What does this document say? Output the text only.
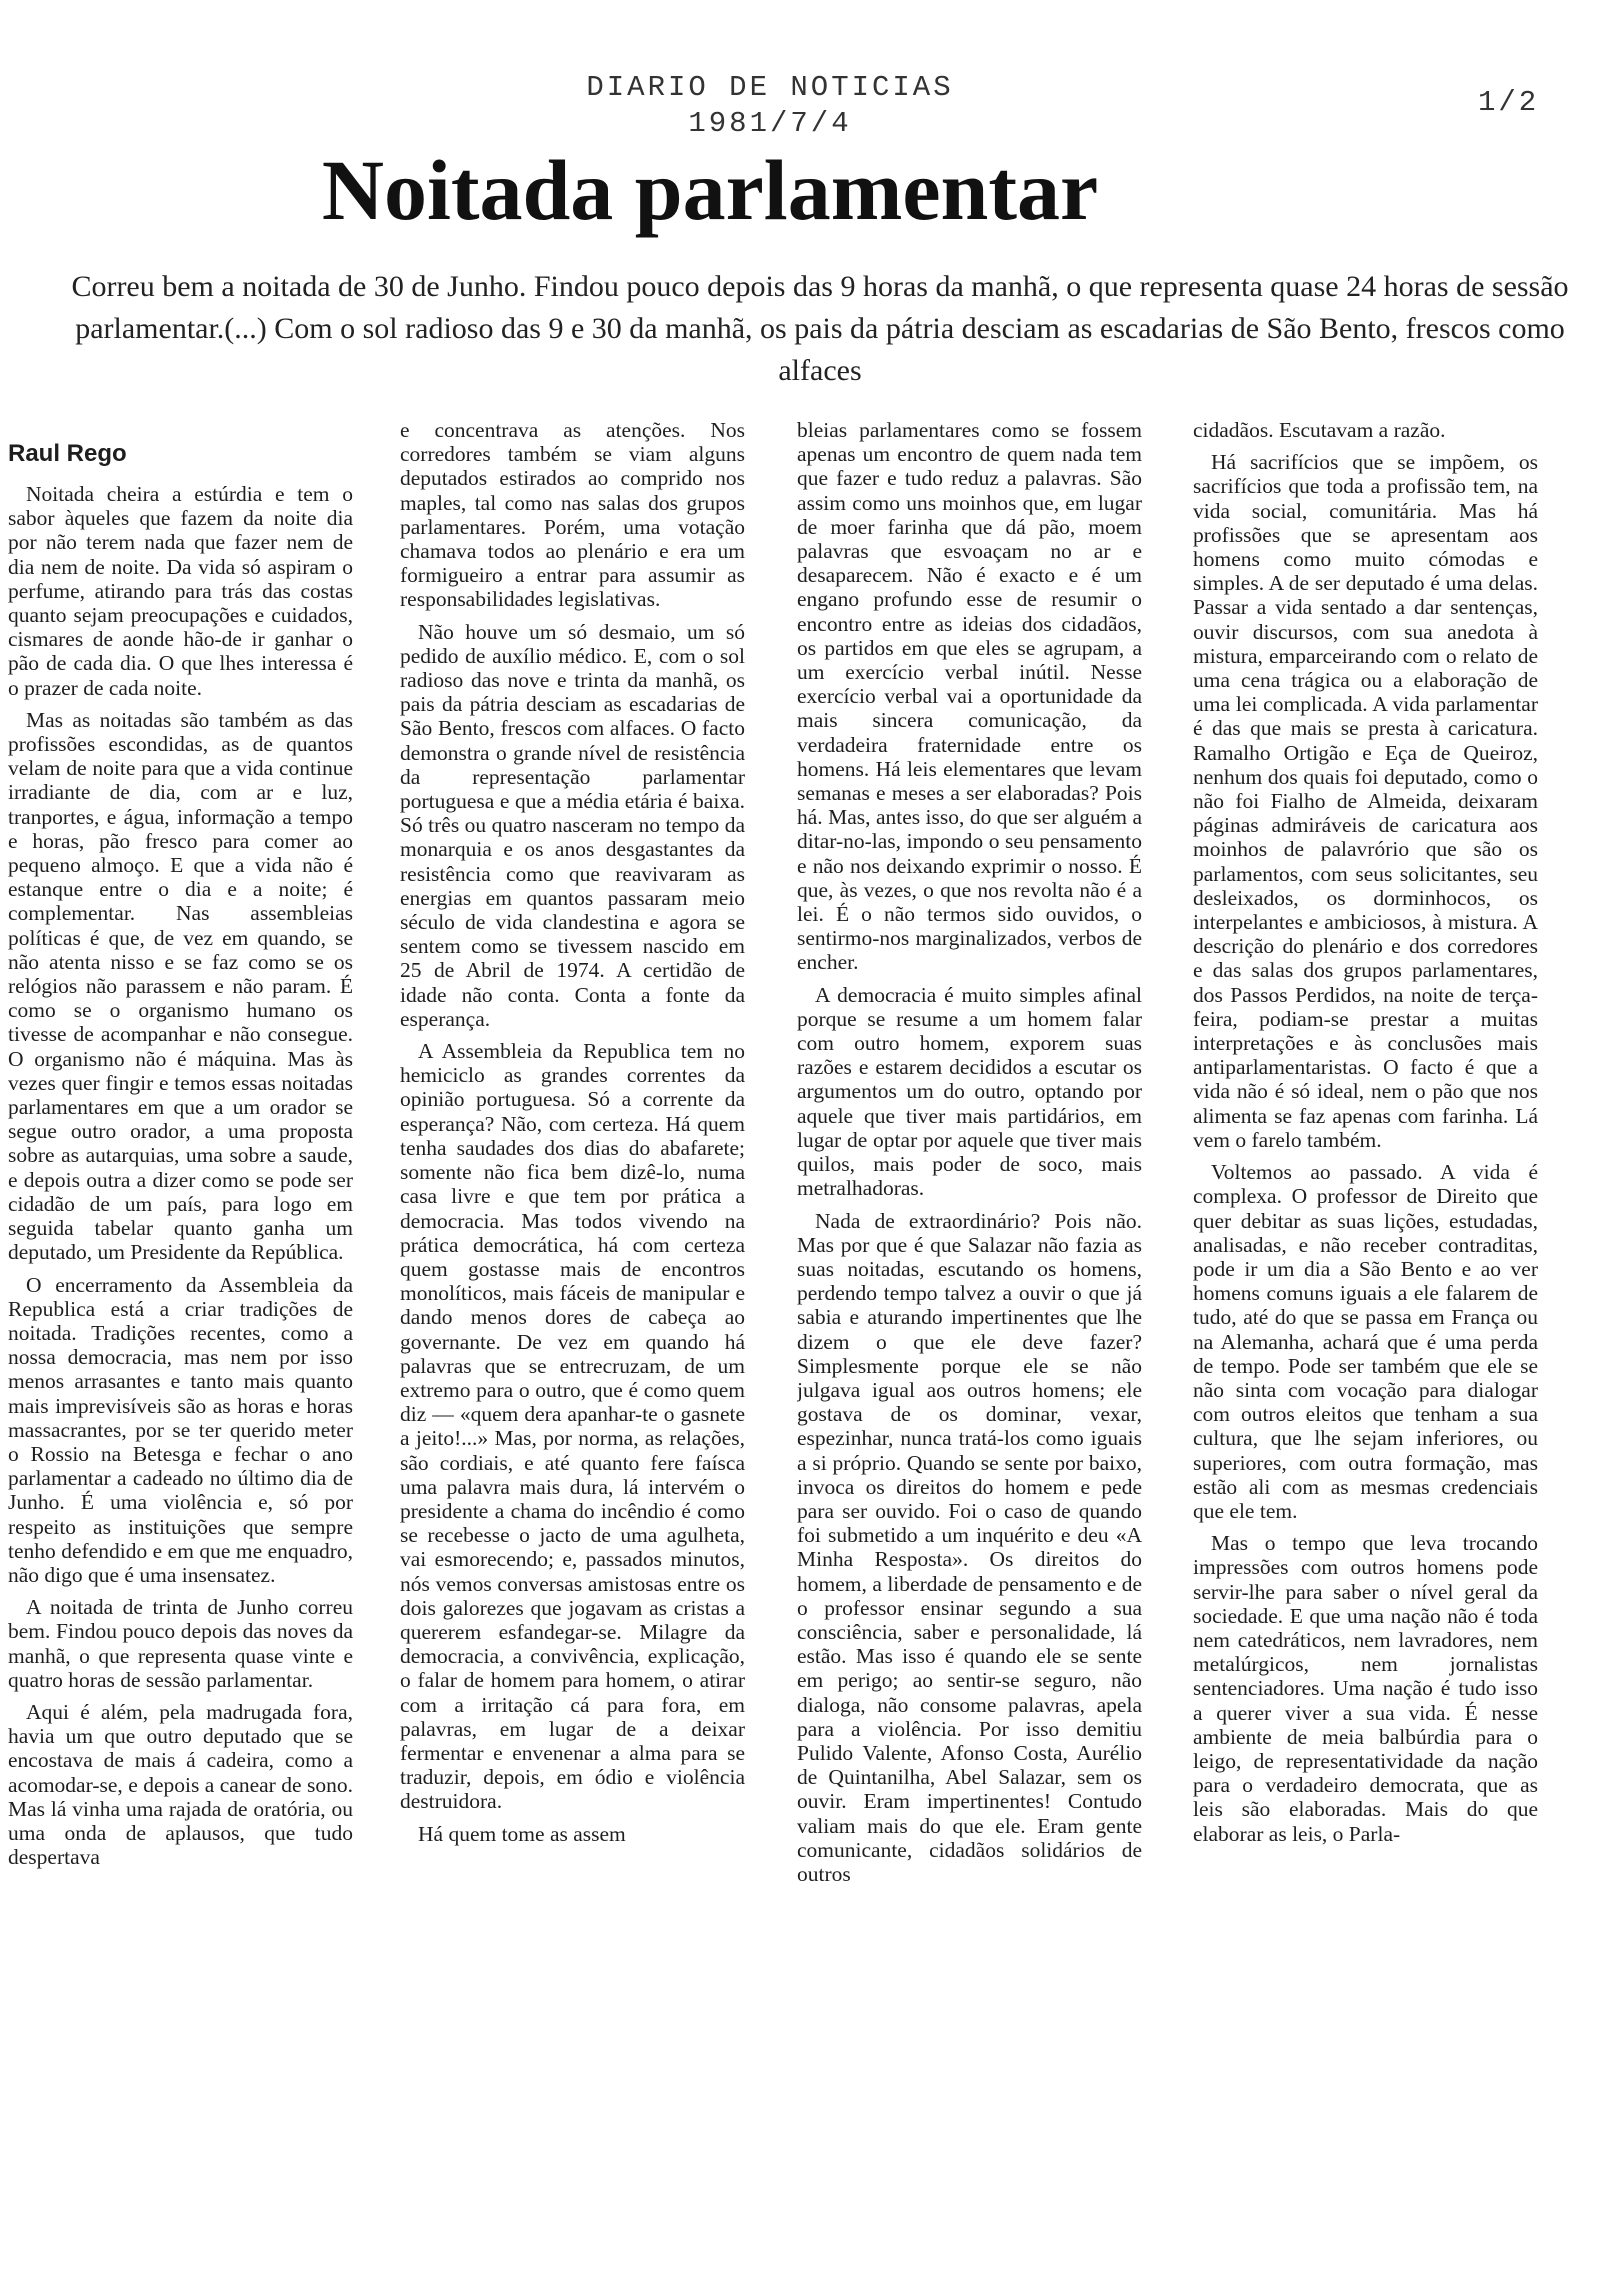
DIARIO DE NOTICIAS
1981/7/4
1/2
Noitada parlamentar
Correu bem a noitada de 30 de Junho. Findou pouco depois das 9 horas da manhã, o que representa quase 24 horas de sessão parlamentar.(...) Com o sol radioso das 9 e 30 da manhã, os pais da pátria desciam as escadarias de São Bento, frescos como alfaces
Raul Rego

Noitada cheira a estúrdia e tem o sabor àqueles que fazem da noite dia por não terem nada que fazer nem de dia nem de noite. Da vida só aspiram o perfume, atirando para trás das costas quanto sejam preocupações e cuidados, cismares de aonde hão-de ir ganhar o pão de cada dia. O que lhes interessa é o prazer de cada noite.

Mas as noitadas são também as das profissões escondidas, as de quantos velam de noite para que a vida continue irradiante de dia, com ar e luz, tranportes, e água, informação a tempo e horas, pão fresco para comer ao pequeno almoço. E que a vida não é estanque entre o dia e a noite; é complementar. Nas assembleias políticas é que, de vez em quando, se não atenta nisso e se faz como se os relógios não parassem e não param. É como se o organismo humano os tivesse de acompanhar e não consegue. O organismo não é máquina. Mas às vezes quer fingir e temos essas noitadas parlamentares em que a um orador se segue outro orador, a uma proposta sobre as autarquias, uma sobre a saude, e depois outra a dizer como se pode ser cidadão de um país, para logo em seguida tabelar quanto ganha um deputado, um Presidente da República.

O encerramento da Assembleia da Republica está a criar tradições de noitada. Tradições recentes, como a nossa democracia, mas nem por isso menos arrasantes e tanto mais quanto mais imprevisíveis são as horas e horas massacrantes, por se ter querido meter o Rossio na Betesga e fechar o ano parlamentar a cadeado no último dia de Junho. É uma violência e, só por respeito as instituições que sempre tenho defendido e em que me enquadro, não digo que é uma insensatez.

A noitada de trinta de Junho correu bem. Findou pouco depois das noves da manhã, o que representa quase vinte e quatro horas de sessão parlamentar.

Aqui é além, pela madrugada fora, havia um que outro deputado que se encostava de mais á cadeira, como a acomodar-se, e depois a canear de sono. Mas lá vinha uma rajada de oratória, ou uma onda de aplausos, que tudo despertava

e concentrava as atenções. Nos corredores também se viam alguns deputados estirados ao comprido nos maples, tal como nas salas dos grupos parlamentares. Porém, uma votação chamava todos ao plenário e era um formigueiro a entrar para assumir as responsabilidades legislativas.

Não houve um só desmaio, um só pedido de auxílio médico. E, com o sol radioso das nove e trinta da manhã, os pais da pátria desciam as escadarias de São Bento, frescos com alfaces. O facto demonstra o grande nível de resistência da representação parlamentar portuguesa e que a média etária é baixa. Só três ou quatro nasceram no tempo da monarquia e os anos desgastantes da resistência como que reavivaram as energias em quantos passaram meio século de vida clandestina e agora se sentem como se tivessem nascido em 25 de Abril de 1974. A certidão de idade não conta. Conta a fonte da esperança.

A Assembleia da Republica tem no hemiciclo as grandes correntes da opinião portuguesa. Só a corrente da esperança? Não, com certeza. Há quem tenha saudades dos dias do abafarete; somente não fica bem dizê-lo, numa casa livre e que tem por prática a democracia. Mas todos vivendo na prática democrática, há com certeza quem gostasse mais de encontros monolíticos, mais fáceis de manipular e dando menos dores de cabeça ao governante. De vez em quando há palavras que se entrecruzam, de um extremo para o outro, que é como quem diz — «quem dera apanhar-te o gasnete a jeito!...» Mas, por norma, as relações, são cordiais, e até quanto fere faísca uma palavra mais dura, lá intervém o presidente a chama do incêndio é como se recebesse o jacto de uma agulheta, vai esmorecendo; e, passados minutos, nós vemos conversas amistosas entre os dois galorezes que jogavam as cristas a quererem esfandegar-se. Milagre da democracia, a convivência, explicação, o falar de homem para homem, o atirar com a irritação cá para fora, em palavras, em lugar de a deixar fermentar e envenenar a alma para se traduzir, depois, em ódio e violência destruidora.

Há quem tome as assem

bleias parlamentares como se fossem apenas um encontro de quem nada tem que fazer e tudo reduz a palavras. São assim como uns moinhos que, em lugar de moer farinha que dá pão, moem palavras que esvoaçam no ar e desaparecem. Não é exacto e é um engano profundo esse de resumir o encontro entre as ideias dos cidadãos, os partidos em que eles se agrupam, a um exercício verbal inútil. Nesse exercício verbal vai a oportunidade da mais sincera comunicação, da verdadeira fraternidade entre os homens. Há leis elementares que levam semanas e meses a ser elaboradas? Pois há. Mas, antes isso, do que ser alguém a ditar-no-las, impondo o seu pensamento e não nos deixando exprimir o nosso. É que, às vezes, o que nos revolta não é a lei. É o não termos sido ouvidos, o sentirmo-nos marginalizados, verbos de encher.

A democracia é muito simples afinal porque se resume a um homem falar com outro homem, exporem suas razões e estarem decididos a escutar os argumentos um do outro, optando por aquele que tiver mais partidários, em lugar de optar por aquele que tiver mais quilos, mais poder de soco, mais metralhadoras.

Nada de extraordinário? Pois não. Mas por que é que Salazar não fazia as suas noitadas, escutando os homens, perdendo tempo talvez a ouvir o que já sabia e aturando impertinentes que lhe dizem o que ele deve fazer? Simplesmente porque ele se não julgava igual aos outros homens; ele gostava de os dominar, vexar, espezinhar, nunca tratá-los como iguais a si próprio. Quando se sente por baixo, invoca os direitos do homem e pede para ser ouvido. Foi o caso de quando foi submetido a um inquérito e deu «A Minha Resposta». Os direitos do homem, a liberdade de pensamento e de o professor ensinar segundo a sua consciência, saber e personalidade, lá estão. Mas isso é quando ele se sente em perigo; ao sentir-se seguro, não dialoga, não consome palavras, apela para a violência. Por isso demitiu Pulido Valente, Afonso Costa, Aurélio de Quintanilha, Abel Salazar, sem os ouvir. Eram impertinentes! Contudo valiam mais do que ele. Eram gente comunicante, cidadãos solidários de outros

cidadãos. Escutavam a razão.

Há sacrifícios que se impõem, os sacrifícios que toda a profissão tem, na vida social, comunitária. Mas há profissões que se apresentam aos homens como muito cómodas e simples. A de ser deputado é uma delas. Passar a vida sentado a dar sentenças, ouvir discursos, com sua anedota à mistura, emparceirando com o relato de uma cena trágica ou a elaboração de uma lei complicada. A vida parlamentar é das que mais se presta à caricatura. Ramalho Ortigão e Eça de Queiroz, nenhum dos quais foi deputado, como o não foi Fialho de Almeida, deixaram páginas admiráveis de caricatura aos moinhos de palavrório que são os parlamentos, com seus solicitantes, seu desleixados, os dorminhocos, os interpelantes e ambiciosos, à mistura. A descrição do plenário e dos corredores e das salas dos grupos parlamentares, dos Passos Perdidos, na noite de terça-feira, podiam-se prestar a muitas interpretações e às conclusões mais antiparlamentaristas. O facto é que a vida não é só ideal, nem o pão que nos alimenta se faz apenas com farinha. Lá vem o farelo também.

Voltemos ao passado. A vida é complexa. O professor de Direito que quer debitar as suas lições, estudadas, analisadas, e não receber contraditas, pode ir um dia a São Bento e ao ver homens comuns iguais a ele falarem de tudo, até do que se passa em França ou na Alemanha, achará que é uma perda de tempo. Pode ser também que ele se não sinta com vocação para dialogar com outros eleitos que tenham a sua cultura, que lhe sejam inferiores, ou superiores, com outra formação, mas estão ali com as mesmas credenciais que ele tem.

Mas o tempo que leva trocando impressões com outros homens pode servir-lhe para saber o nível geral da sociedade. E que uma nação não é toda nem catedráticos, nem lavradores, nem metalúrgicos, nem jornalistas sentenciadores. Uma nação é tudo isso a querer viver a sua vida. É nesse ambiente de meia balbúrdia para o leigo, de representatividade da nação para o verdadeiro democrata, que as leis são elaboradas. Mais do que elaborar as leis, o Parla-
